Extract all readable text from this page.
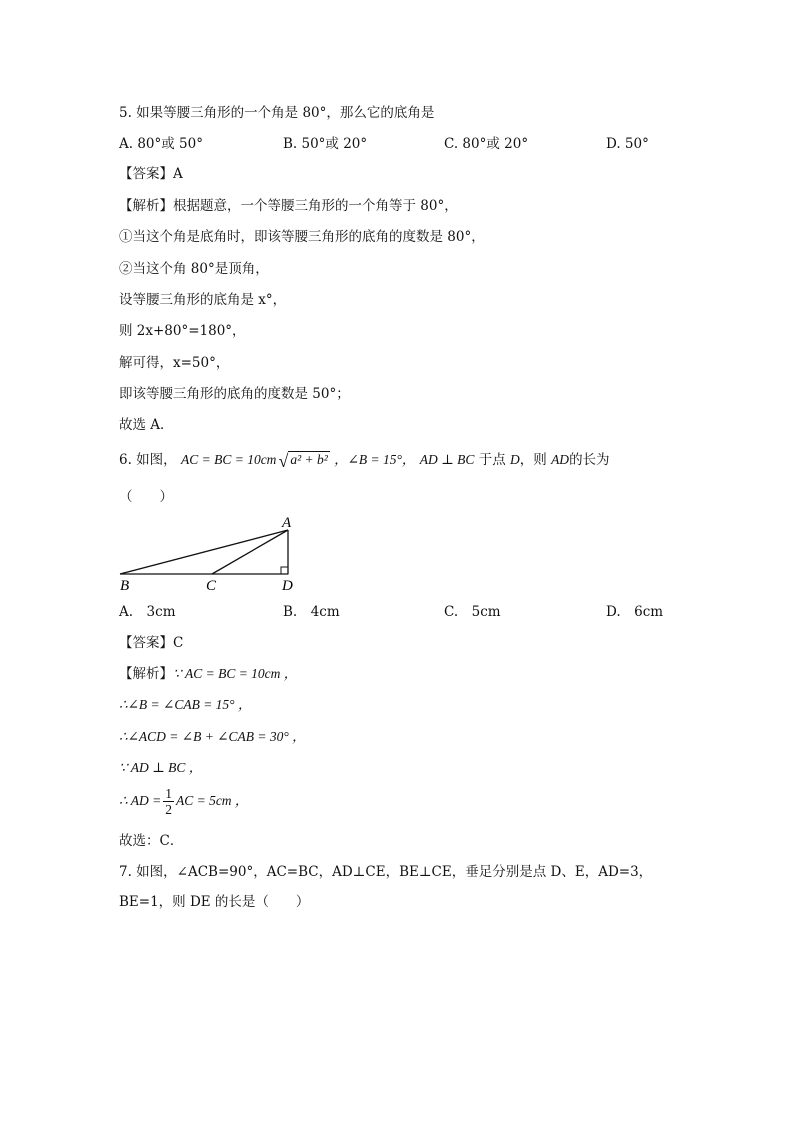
5. 如果等腰三角形的一个角是 80°，那么它的底角是
A. 80°或 50°	B. 50°或 20°	C. 80°或 20°	D. 50°
【答案】A
【解析】根据题意，一个等腰三角形的一个角等于 80°，
①当这个角是底角时，即该等腰三角形的底角的度数是 80°，
②当这个角 80°是顶角，
设等腰三角形的底角是 x°，
则 2x+80°=180°，
解可得，x=50°，
即该等腰三角形的底角的度数是 50°；
故选 A．
6. 如图， AC = BC = 10cm √ a² + b² ，∠B = 15°， AD ⊥ BC 于点 D，则 AD的长为
（　　）
A
B	C	D
A.　3cm	B.　4cm	C.　5cm	D.　6cm
【答案】C
【解析】∵ AC = BC = 10cm ，
∴∠B = ∠CAB = 15° ，
∴∠ACD = ∠B + ∠CAB = 30° ，
∵ AD ⊥ BC ，
∴ AD = $\frac{1}{2}$ AC = 5cm ，
故选：C．
7. 如图，∠ACB=90°，AC=BC，AD⊥CE，BE⊥CE，垂足分别是点 D、E，AD=3，
BE=1，则 DE 的长是（　　）
